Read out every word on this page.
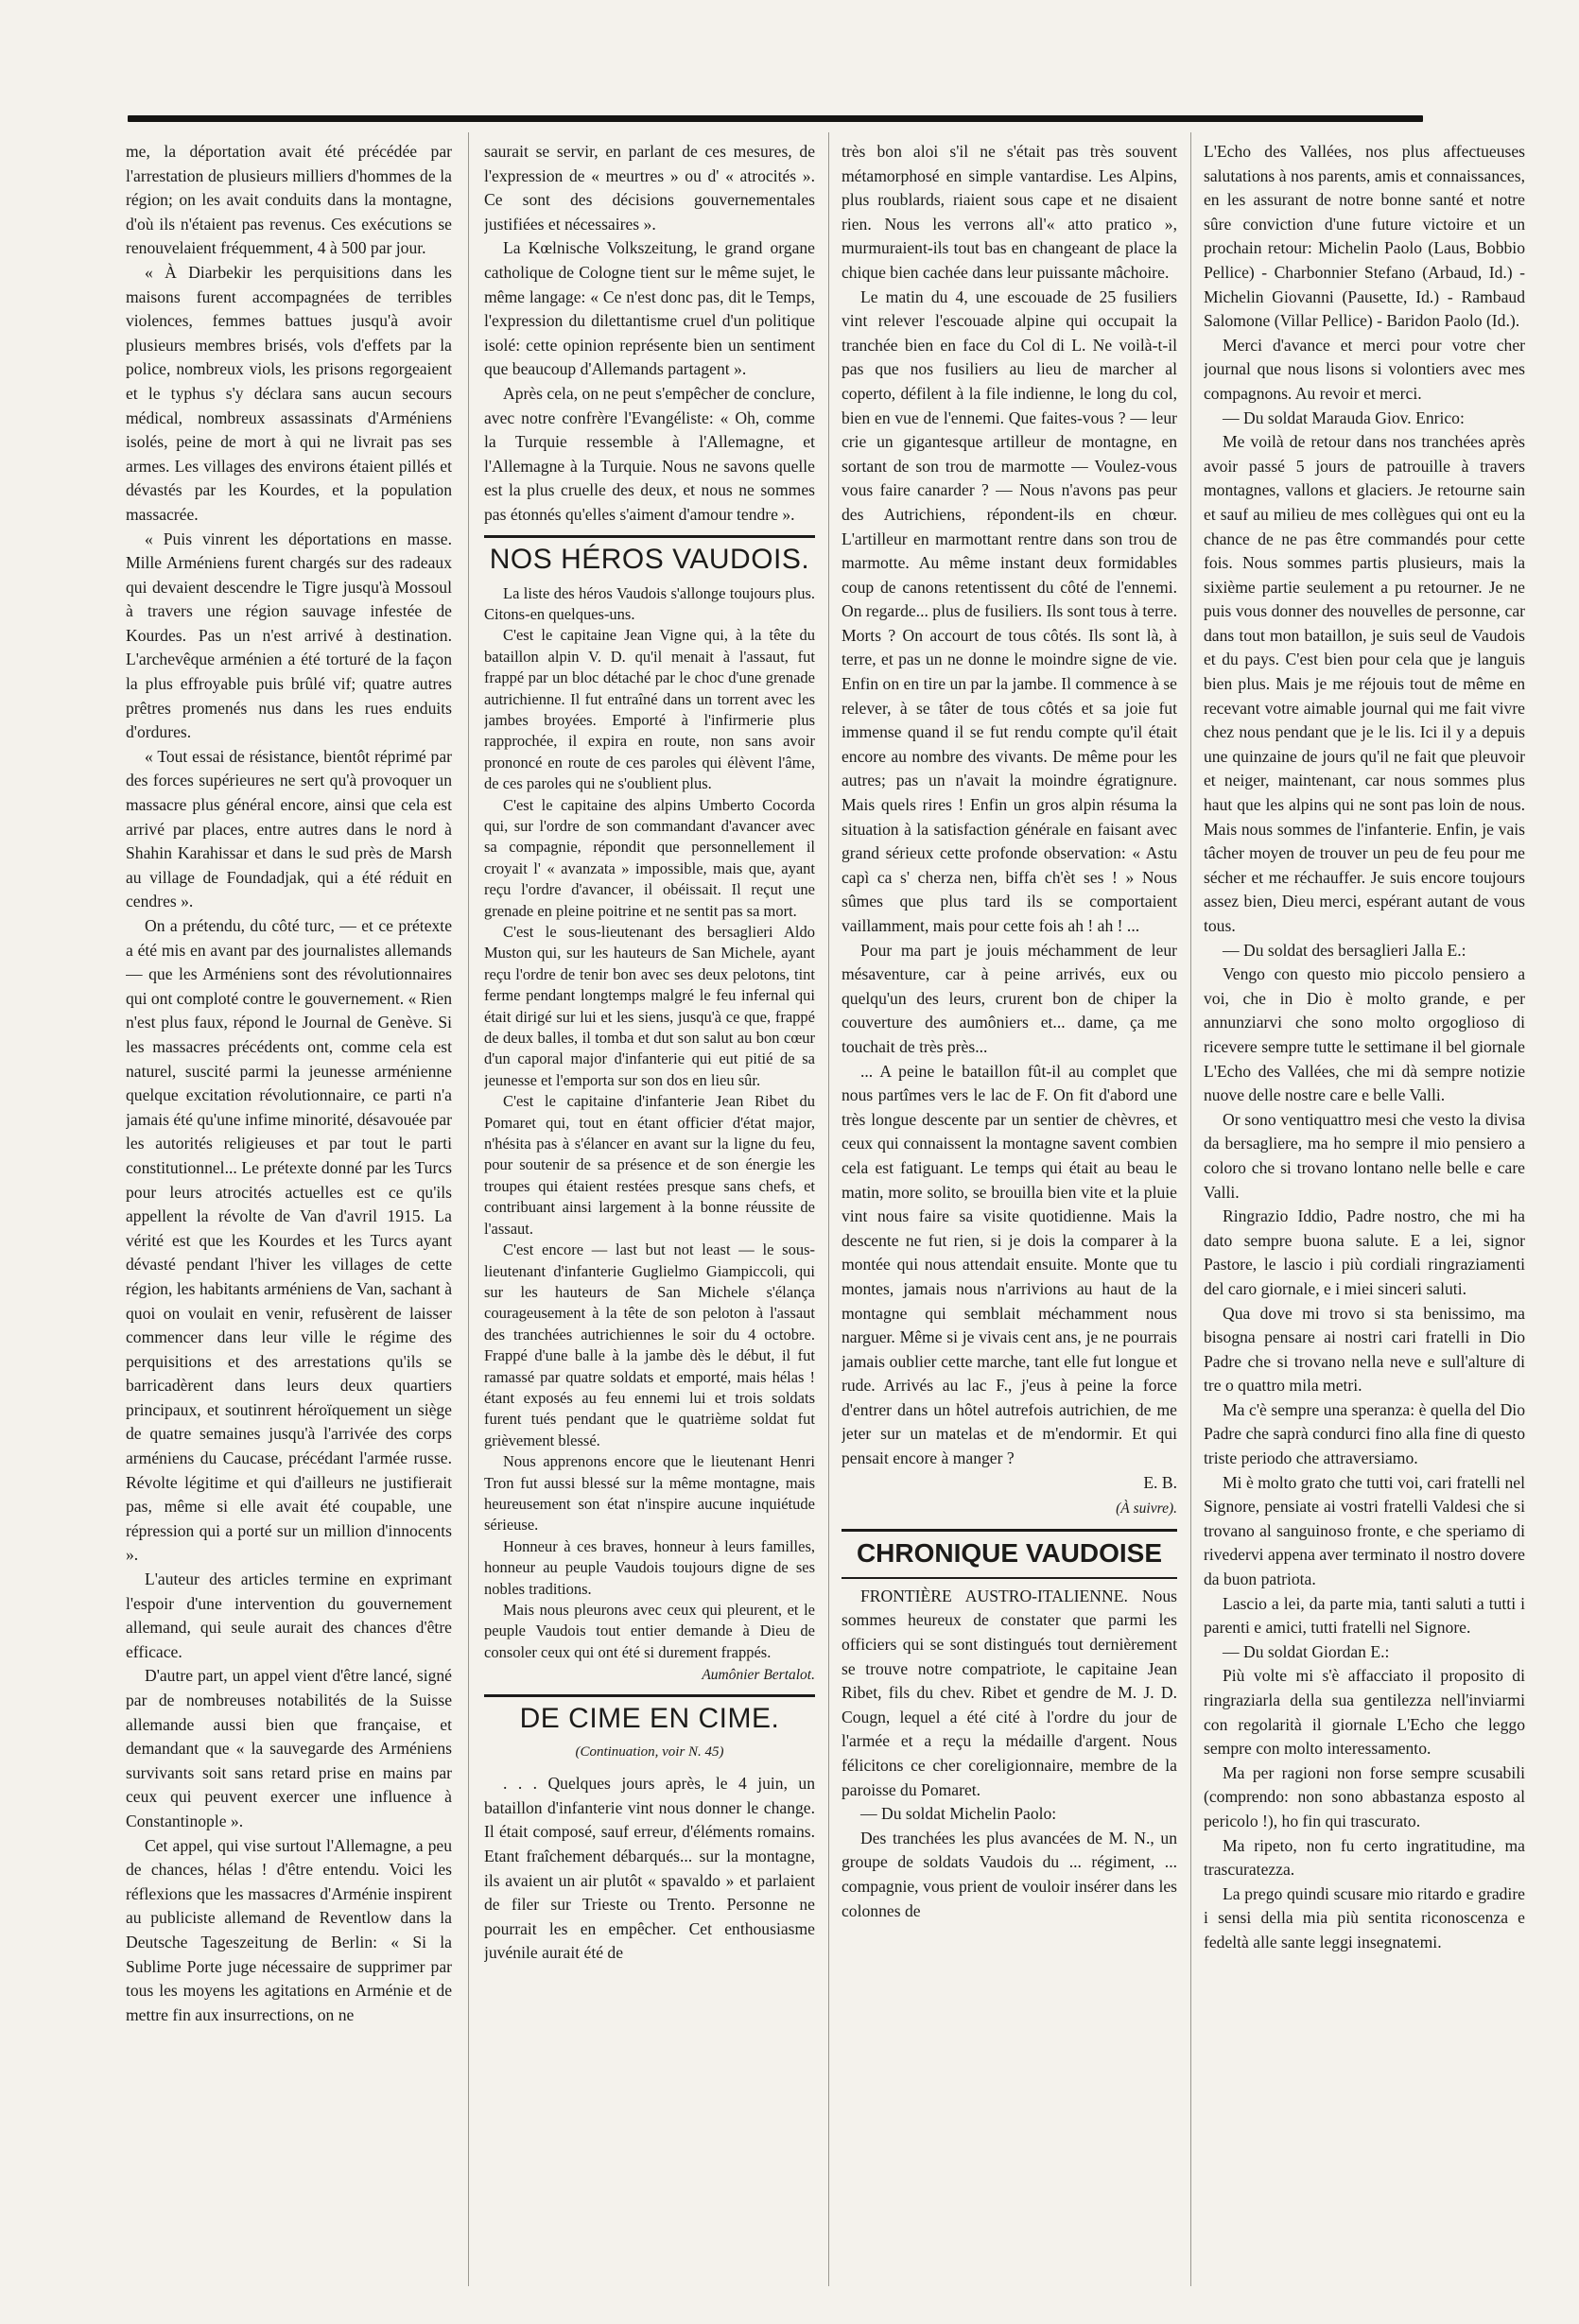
me, la déportation avait été précédée par l'arrestation de plusieurs milliers d'hommes de la région; on les avait conduits dans la montagne, d'où ils n'étaient pas revenus. Ces exécutions se renouvelaient fréquemment, 4 à 500 par jour.

« À Diarbekir les perquisitions dans les maisons furent accompagnées de terribles violences, femmes battues jusqu'à avoir plusieurs membres brisés, vols d'effets par la police, nombreux viols, les prisons regorgeaient et le typhus s'y déclara sans aucun secours médical, nombreux assassinats d'Arméniens isolés, peine de mort à qui ne livrait pas ses armes. Les villages des environs étaient pillés et dévastés par les Kourdes, et la population massacrée.

« Puis vinrent les déportations en masse. Mille Arméniens furent chargés sur des radeaux qui devaient descendre le Tigre jusqu'à Mossoul à travers une région sauvage infestée de Kourdes. Pas un n'est arrivé à destination. L'archevêque arménien a été torturé de la façon la plus effroyable puis brûlé vif; quatre autres prêtres promenés nus dans les rues enduits d'ordures.

« Tout essai de résistance, bientôt réprimé par des forces supérieures ne sert qu'à provoquer un massacre plus général encore, ainsi que cela est arrivé par places, entre autres dans le nord à Shahin Karahissar et dans le sud près de Marsh au village de Foundadjak, qui a été réduit en cendres ».

On a prétendu, du côté turc, — et ce prétexte a été mis en avant par des journalistes allemands — que les Arméniens sont des révolutionnaires qui ont comploté contre le gouvernement. « Rien n'est plus faux, répond le Journal de Genève. Si les massacres précédents ont, comme cela est naturel, suscité parmi la jeunesse arménienne quelque excitation révolutionnaire, ce parti n'a jamais été qu'une infime minorité, désavouée par les autorités religieuses et par tout le parti constitutionnel... Le prétexte donné par les Turcs pour leurs atrocités actuelles est ce qu'ils appellent la révolte de Van d'avril 1915. La vérité est que les Kourdes et les Turcs ayant dévasté pendant l'hiver les villages de cette région, les habitants arméniens de Van, sachant à quoi on voulait en venir, refusèrent de laisser commencer dans leur ville le régime des perquisitions et des arrestations qu'ils se barricadèrent dans leurs deux quartiers principaux, et soutinrent héroïquement un siège de quatre semaines jusqu'à l'arrivée des corps arméniens du Caucase, précédant l'armée russe. Révolte légitime et qui d'ailleurs ne justifierait pas, même si elle avait été coupable, une répression qui a porté sur un million d'innocents ».

L'auteur des articles termine en exprimant l'espoir d'une intervention du gouvernement allemand, qui seule aurait des chances d'être efficace.

D'autre part, un appel vient d'être lancé, signé par de nombreuses notabilités de la Suisse allemande aussi bien que française, et demandant que « la sauvegarde des Arméniens survivants soit sans retard prise en mains par ceux qui peuvent exercer une influence à Constantinople ».

Cet appel, qui vise surtout l'Allemagne, a peu de chances, hélas ! d'être entendu. Voici les réflexions que les massacres d'Arménie inspirent au publiciste allemand de Reventlow dans la Deutsche Tageszeitung de Berlin: « Si la Sublime Porte juge nécessaire de supprimer par tous les moyens les agitations en Arménie et de mettre fin aux insurrections, on ne

saurait se servir, en parlant de ces mesures, de l'expression de « meurtres » ou d' « atrocités ». Ce sont des décisions gouvernementales justifiées et nécessaires ».

La Kœlnische Volkszeitung, le grand organe catholique de Cologne tient sur le même sujet, le même langage: « Ce n'est donc pas, dit le Temps, l'expression du dilettantisme cruel d'un politique isolé: cette opinion représente bien un sentiment que beaucoup d'Allemands partagent ».

Après cela, on ne peut s'empêcher de conclure, avec notre confrère l'Evangéliste: « Oh, comme la Turquie ressemble à l'Allemagne, et l'Allemagne à la Turquie. Nous ne savons quelle est la plus cruelle des deux, et nous ne sommes pas étonnés qu'elles s'aiment d'amour tendre ».

NOS HÉROS VAUDOIS.

La liste des héros Vaudois s'allonge toujours plus. Citons-en quelques-uns.

C'est le capitaine Jean Vigne qui, à la tête du bataillon alpin V. D. qu'il menait à l'assaut, fut frappé par un bloc détaché par le choc d'une grenade autrichienne. Il fut entraîné dans un torrent avec les jambes broyées. Emporté à l'infirmerie plus rapprochée, il expira en route, non sans avoir prononcé en route de ces paroles qui élèvent l'âme, de ces paroles qui ne s'oublient plus.

C'est le capitaine des alpins Umberto Cocorda qui, sur l'ordre de son commandant d'avancer avec sa compagnie, répondit que personnellement il croyait l' « avanzata » impossible, mais que, ayant reçu l'ordre d'avancer, il obéissait. Il reçut une grenade en pleine poitrine et ne sentit pas sa mort.

C'est le sous-lieutenant des bersaglieri Aldo Muston qui, sur les hauteurs de San Michele, ayant reçu l'ordre de tenir bon avec ses deux pelotons, tint ferme pendant longtemps malgré le feu infernal qui était dirigé sur lui et les siens, jusqu'à ce que, frappé de deux balles, il tomba et dut son salut au bon cœur d'un caporal major d'infanterie qui eut pitié de sa jeunesse et l'emporta sur son dos en lieu sûr.

C'est le capitaine d'infanterie Jean Ribet du Pomaret qui, tout en étant officier d'état major, n'hésita pas à s'élancer en avant sur la ligne du feu, pour soutenir de sa présence et de son énergie les troupes qui étaient restées presque sans chefs, et contribuant ainsi largement à la bonne réussite de l'assaut.

C'est encore — last but not least — le sous-lieutenant d'infanterie Guglielmo Giampiccoli, qui sur les hauteurs de San Michele s'élança courageusement à la tête de son peloton à l'assaut des tranchées autrichiennes le soir du 4 octobre. Frappé d'une balle à la jambe dès le début, il fut ramassé par quatre soldats et emporté, mais hélas ! étant exposés au feu ennemi lui et trois soldats furent tués pendant que le quatrième soldat fut grièvement blessé.

Nous apprenons encore que le lieutenant Henri Tron fut aussi blessé sur la même montagne, mais heureusement son état n'inspire aucune inquiétude sérieuse.

Honneur à ces braves, honneur à leurs familles, honneur au peuple Vaudois toujours digne de ses nobles traditions.

Mais nous pleurons avec ceux qui pleurent, et le peuple Vaudois tout entier demande à Dieu de consoler ceux qui ont été si durement frappés.

Aumônier Bertalot.
DE CIME EN CIME.
(Continuation, voir N. 45)

. . . Quelques jours après, le 4 juin, un bataillon d'infanterie vint nous donner le change. Il était composé, sauf erreur, d'éléments romains. Etant fraîchement débarqués... sur la montagne, ils avaient un air plutôt « spavaldo » et parlaient de filer sur Trieste ou Trento. Personne ne pourrait les en empêcher. Cet enthousiasme juvénile aurait été de

très bon aloi s'il ne s'était pas très souvent métamorphosé en simple vantardise. Les Alpins, plus roublards, riaient sous cape et ne disaient rien. Nous les verrons all'« atto pratico », murmuraient-ils tout bas en changeant de place la chique bien cachée dans leur puissante mâchoire.

Le matin du 4, une escouade de 25 fusiliers vint relever l'escouade alpine qui occupait la tranchée bien en face du Col di L. Ne voilà-t-il pas que nos fusiliers au lieu de marcher al coperto, défilent à la file indienne, le long du col, bien en vue de l'ennemi. Que faites-vous ? — leur crie un gigantesque artilleur de montagne, en sortant de son trou de marmotte — Voulez-vous vous faire canarder ? — Nous n'avons pas peur des Autrichiens, répondent-ils en chœur. L'artilleur en marmottant rentre dans son trou de marmotte. Au même instant deux formidables coup de canons retentissent du côté de l'ennemi. On regarde... plus de fusiliers. Ils sont tous à terre. Morts ? On accourt de tous côtés. Ils sont là, à terre, et pas un ne donne le moindre signe de vie. Enfin on en tire un par la jambe. Il commence à se relever, à se tâter de tous côtés et sa joie fut immense quand il se fut rendu compte qu'il était encore au nombre des vivants. De même pour les autres; pas un n'avait la moindre égratignure. Mais quels rires ! Enfin un gros alpin résuma la situation à la satisfaction générale en faisant avec grand sérieux cette profonde observation: « Astu capì ca s' cherza nen, biffa ch'èt ses ! » Nous sûmes que plus tard ils se comportaient vaillamment, mais pour cette fois ah ! ah ! ...

Pour ma part je jouis méchamment de leur mésaventure, car à peine arrivés, eux ou quelqu'un des leurs, crurent bon de chiper la couverture des aumôniers et... dame, ça me touchait de très près...

... A peine le bataillon fût-il au complet que nous partîmes vers le lac de F. On fit d'abord une très longue descente par un sentier de chèvres, et ceux qui connaissent la montagne savent combien cela est fatiguant. Le temps qui était au beau le matin, more solito, se brouilla bien vite et la pluie vint nous faire sa visite quotidienne. Mais la descente ne fut rien, si je dois la comparer à la montée qui nous attendait ensuite. Monte que tu montes, jamais nous n'arrivions au haut de la montagne qui semblait méchamment nous narguer. Même si je vivais cent ans, je ne pourrais jamais oublier cette marche, tant elle fut longue et rude. Arrivés au lac F., j'eus à peine la force d'entrer dans un hôtel autrefois autrichien, de me jeter sur un matelas et de m'endormir. Et qui pensait encore à manger ?

E. B.
(À suivre).
CHRONIQUE VAUDOISE

FRONTIÈRE AUSTRO-ITALIENNE. Nous sommes heureux de constater que parmi les officiers qui se sont distingués tout dernièrement se trouve notre compatriote, le capitaine Jean Ribet, fils du chev. Ribet et gendre de M. J. D. Cougn, lequel a été cité à l'ordre du jour de l'armée et a reçu la médaille d'argent. Nous félicitons ce cher coreligionnaire, membre de la paroisse du Pomaret.

— Du soldat Michelin Paolo:

Des tranchées les plus avancées de M. N., un groupe de soldats Vaudois du ... régiment, ... compagnie, vous prient de vouloir insérer dans les colonnes de

L'Echo des Vallées, nos plus affectueuses salutations à nos parents, amis et connaissances, en les assurant de notre bonne santé et notre sûre conviction d'une future victoire et un prochain retour: Michelin Paolo (Laus, Bobbio Pellice) - Charbonnier Stefano (Arbaud, Id.) - Michelin Giovanni (Pausette, Id.) - Rambaud Salomone (Villar Pellice) - Baridon Paolo (Id.).

Merci d'avance et merci pour votre cher journal que nous lisons si volontiers avec mes compagnons. Au revoir et merci.

— Du soldat Marauda Giov. Enrico:

Me voilà de retour dans nos tranchées après avoir passé 5 jours de patrouille à travers montagnes, vallons et glaciers. Je retourne sain et sauf au milieu de mes collègues qui ont eu la chance de ne pas être commandés pour cette fois. Nous sommes partis plusieurs, mais la sixième partie seulement a pu retourner. Je ne puis vous donner des nouvelles de personne, car dans tout mon bataillon, je suis seul de Vaudois et du pays. C'est bien pour cela que je languis bien plus. Mais je me réjouis tout de même en recevant votre aimable journal qui me fait vivre chez nous pendant que je le lis. Ici il y a depuis une quinzaine de jours qu'il ne fait que pleuvoir et neiger, maintenant, car nous sommes plus haut que les alpins qui ne sont pas loin de nous. Mais nous sommes de l'infanterie. Enfin, je vais tâcher moyen de trouver un peu de feu pour me sécher et me réchauffer. Je suis encore toujours assez bien, Dieu merci, espérant autant de vous tous.

— Du soldat des bersaglieri Jalla E.:

Vengo con questo mio piccolo pensiero a voi, che in Dio è molto grande, e per annunziarvi che sono molto orgoglioso di ricevere sempre tutte le settimane il bel giornale L'Echo des Vallées, che mi dà sempre notizie nuove delle nostre care e belle Valli.

Or sono ventiquattro mesi che vesto la divisa da bersagliere, ma ho sempre il mio pensiero a coloro che si trovano lontano nelle belle e care Valli.

Ringrazio Iddio, Padre nostro, che mi ha dato sempre buona salute. E a lei, signor Pastore, le lascio i più cordiali ringraziamenti del caro giornale, e i miei sinceri saluti.

Qua dove mi trovo si sta benissimo, ma bisogna pensare ai nostri cari fratelli in Dio Padre che si trovano nella neve e sull'alture di tre o quattro mila metri.

Ma c'è sempre una speranza: è quella del Dio Padre che saprà condurci fino alla fine di questo triste periodo che attraversiamo.

Mi è molto grato che tutti voi, cari fratelli nel Signore, pensiate ai vostri fratelli Valdesi che si trovano al sanguinoso fronte, e che speriamo di rivedervi appena aver terminato il nostro dovere da buon patriota.

Lascio a lei, da parte mia, tanti saluti a tutti i parenti e amici, tutti fratelli nel Signore.

— Du soldat Giordan E.:

Più volte mi s'è affacciato il proposito di ringraziarla della sua gentilezza nell'inviarmi con regolarità il giornale L'Echo che leggo sempre con molto interessamento.

Ma per ragioni non forse sempre scusabili (comprendo: non sono abbastanza esposto al pericolo !), ho fin qui trascurato.

Ma ripeto, non fu certo ingratitudine, ma trascuratezza.

La prego quindi scusare mio ritardo e gradire i sensi della mia più sentita riconoscenza e fedeltà alle sante leggi insegnatemi.
